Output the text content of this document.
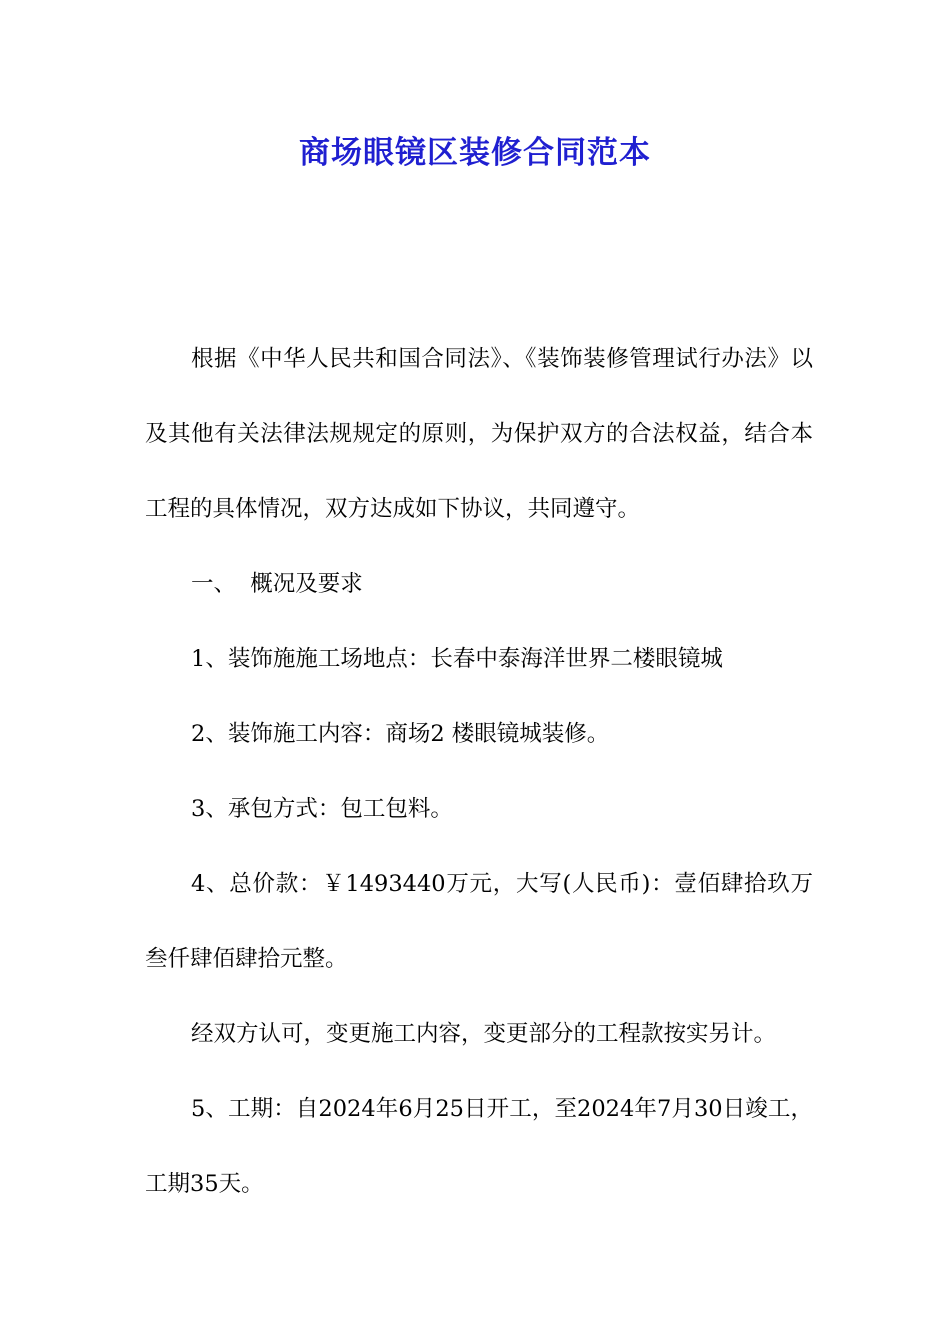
商场眼镜区装修合同范本

根据《中华人民共和国合同法》、《装饰装修管理试行办法》以及其他有关法律法规规定的原则，为保护双方的合法权益，结合本工程的具体情况，双方达成如下协议，共同遵守。

一、  概况及要求

1、装饰施施工场地点：长春中泰海洋世界二楼眼镜城

2、装饰施工内容：商场2 楼眼镜城装修。

3、承包方式：包工包料。

4、总价款：￥1493440万元，大写(人民币)：壹佰肆拾玖万叁仟肆佰肆拾元整。

经双方认可，变更施工内容，变更部分的工程款按实另计。

5、工期：自2024年6月25日开工，至2024年7月30日竣工，工期35天。
